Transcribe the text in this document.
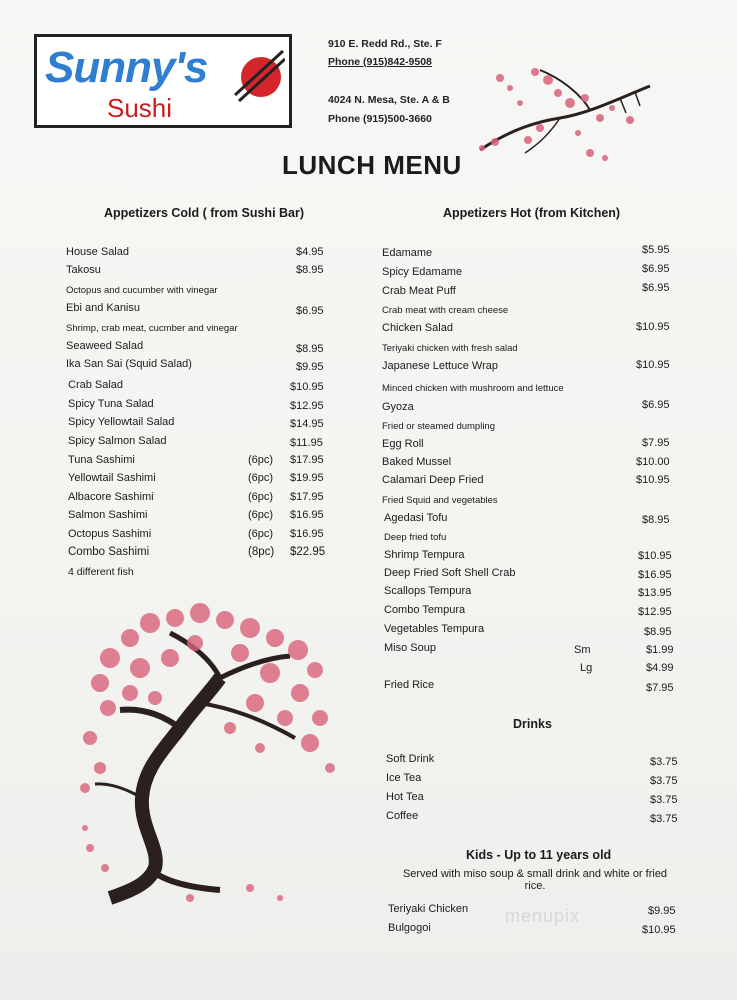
Sunny's
Sushi
910 E. Redd Rd., Ste. F
Phone (915)842-9508
4024 N. Mesa, Ste. A & B
Phone (915)500-3660
LUNCH MENU
Appetizers Cold ( from Sushi Bar)	Appetizers Hot (from Kitchen)
House Salad	$4.95
Takosu	$8.95
Octopus and cucumber with vinegar
Ebi and Kanisu	$6.95
Shrimp, crab meat, cucmber and vinegar
Seaweed Salad	$8.95
Ika San Sai (Squid Salad)	$9.95
Crab Salad	$10.95
Spicy Tuna Salad	$12.95
Spicy Yellowtail Salad	$14.95
Spicy Salmon Salad	$11.95
Tuna Sashimi	(6pc) $17.95
Yellowtail Sashimi	(6pc) $19.95
Albacore Sashimi	(6pc) $17.95
Salmon Sashimi	(6pc) $16.95
Octopus Sashimi	(6pc) $16.95
Combo Sashimi	(8pc) $22.95
4 different fish
Edamame	$5.95
Spicy Edamame	$6.95
Crab Meat Puff	$6.95
Crab meat with cream cheese
Chicken Salad	$10.95
Teriyaki chicken with fresh salad
Japanese Lettuce Wrap	$10.95
Minced chicken with mushroom and lettuce
Gyoza	$6.95
Fried or steamed dumpling
Egg Roll	$7.95
Baked Mussel	$10.00
Calamari Deep Fried	$10.95
Fried Squid and vegetables
Agedasi Tofu	$8.95
Deep fried tofu
Shrimp Tempura	$10.95
Deep Fried Soft Shell Crab	$16.95
Scallops Tempura	$13.95
Combo Tempura	$12.95
Vegetables Tempura	$8.95
Miso Soup	Sm	$1.99
Lg	$4.99
Fried Rice	$7.95
Drinks
Soft Drink	$3.75
Ice Tea	$3.75
Hot Tea	$3.75
Coffee	$3.75
Kids - Up to 11 years old
Served with miso soup & small drink and white or fried rice.
Teriyaki Chicken	$9.95
Bulgogoi	$10.95
menupix
